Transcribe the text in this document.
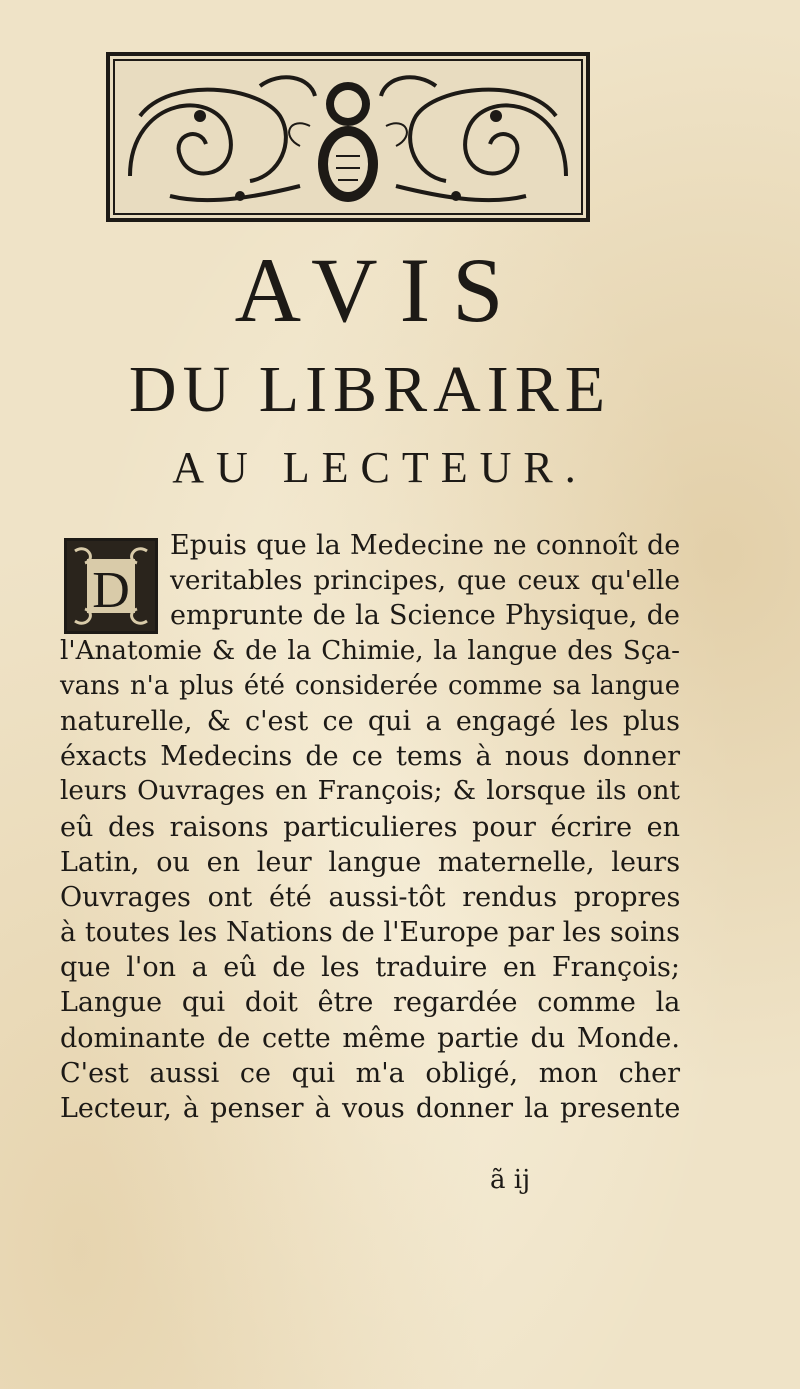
AVIS
DU LIBRAIRE
AU LECTEUR.
D
Epuis que la Medecine ne connoît de
veritables principes, que ceux qu'elle
emprunte de la Science Physique, de
l'Anatomie & de la Chimie, la langue des Sça-
vans n'a plus été considerée comme sa langue
naturelle, & c'est ce qui a engagé les plus
éxacts Medecins de ce tems à nous donner
leurs Ouvrages en François; & lorsque ils ont
eû des raisons particulieres pour écrire en
Latin, ou en leur langue maternelle, leurs
Ouvrages ont été aussi-tôt rendus propres
à toutes les Nations de l'Europe par les soins
que l'on a eû de les traduire en François;
Langue qui doit être regardée comme la
dominante de cette même partie du Monde.
C'est aussi ce qui m'a obligé, mon cher
Lecteur, à penser à vous donner la presente
ã ij
